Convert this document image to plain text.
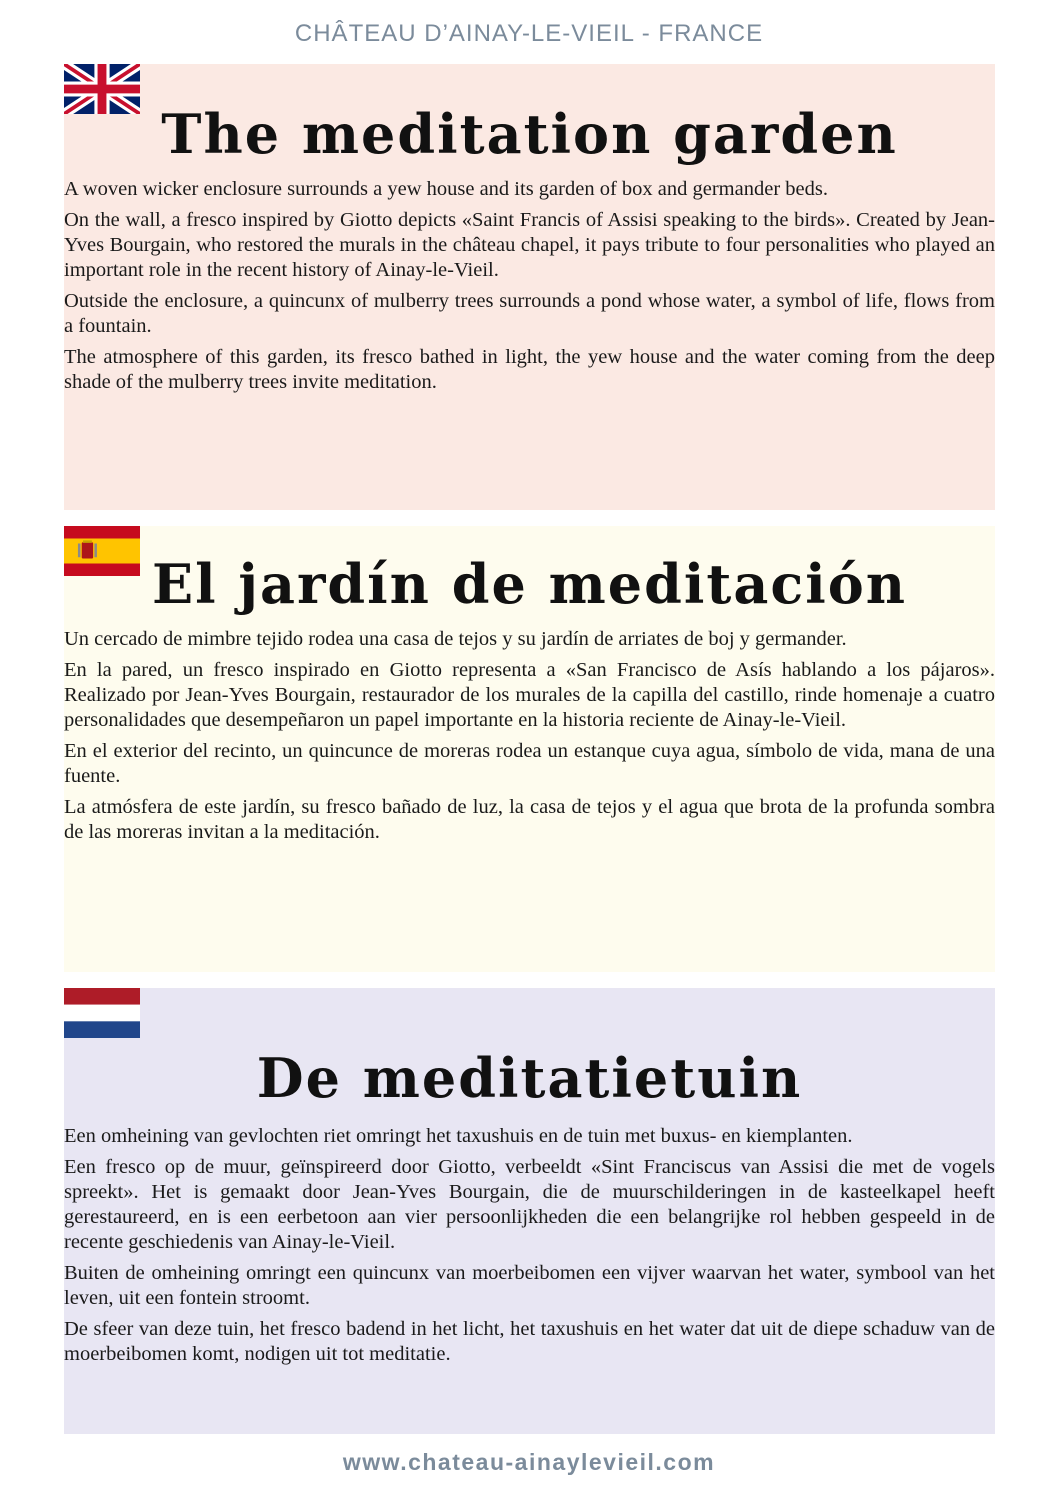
CHÂTEAU D’AINAY-LE-VIEIL - FRANCE
The meditation garden

A woven wicker enclosure surrounds a yew house and its garden of box and germander beds.

On the wall, a fresco inspired by Giotto depicts «Saint Francis of Assisi speaking to the birds». Created by Jean-Yves Bourgain, who restored the murals in the château chapel, it pays tribute to four personalities who played an important role in the recent history of Ainay-le-Vieil.

Outside the enclosure, a quincunx of mulberry trees surrounds a pond whose water, a symbol of life, flows from a fountain.

The atmosphere of this garden, its fresco bathed in light, the yew house and the water coming from the deep shade of the mulberry trees invite meditation.

El jardín de meditación

Un cercado de mimbre tejido rodea una casa de tejos y su jardín de arriates de boj y germander.

En la pared, un fresco inspirado en Giotto representa a «San Francisco de Asís hablando a los pájaros». Realizado por Jean-Yves Bourgain, restaurador de los murales de la capilla del castillo, rinde homenaje a cuatro personalidades que desempeñaron un papel importante en la historia reciente de Ainay-le-Vieil.

En el exterior del recinto, un quincunce de moreras rodea un estanque cuya agua, símbolo de vida, mana de una fuente.

La atmósfera de este jardín, su fresco bañado de luz, la casa de tejos y el agua que brota de la profunda sombra de las moreras invitan a la meditación.

De meditatietuin

Een omheining van gevlochten riet omringt het taxushuis en de tuin met buxus- en kiemplanten.

Een fresco op de muur, geïnspireerd door Giotto, verbeeldt «Sint Franciscus van Assisi die met de vogels spreekt». Het is gemaakt door Jean-Yves Bourgain, die de muurschilderingen in de kasteelkapel heeft gerestaureerd, en is een eerbetoon aan vier persoonlijkheden die een belangrijke rol hebben gespeeld in de recente geschiedenis van Ainay-le-Vieil.

Buiten de omheining omringt een quincunx van moerbeibomen een vijver waarvan het water, symbool van het leven, uit een fontein stroomt.

De sfeer van deze tuin, het fresco badend in het licht, het taxushuis en het water dat uit de diepe schaduw van de moerbeibomen komt, nodigen uit tot meditatie.

www.chateau-ainaylevieil.com
